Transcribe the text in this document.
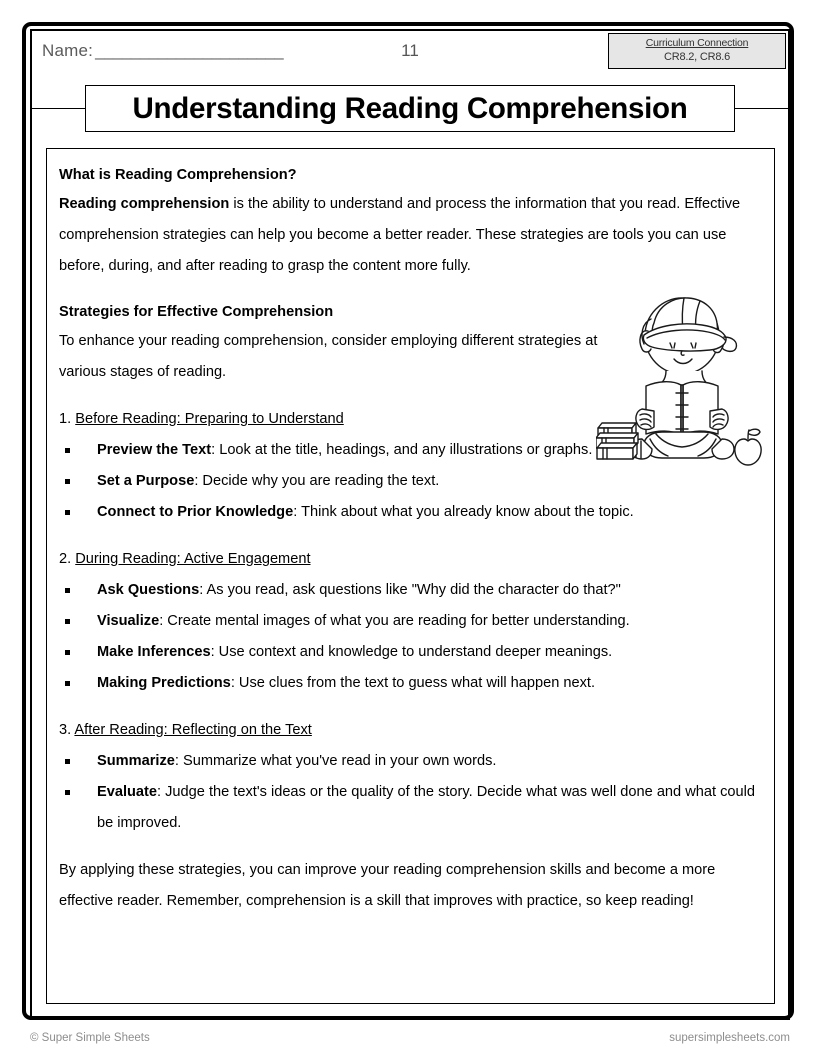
Name: _____________________	11	Curriculum Connection
CR8.2, CR8.6
Understanding Reading Comprehension
What is Reading Comprehension?

Reading comprehension is the ability to understand and process the information that you read. Effective comprehension strategies can help you become a better reader. These strategies are tools you can use before, during, and after reading to grasp the content more fully.

Strategies for Effective Comprehension

To enhance your reading comprehension, consider employing different strategies at various stages of reading.

1. Before Reading: Preparing to Understand
Preview the Text: Look at the title, headings, and any illustrations or graphs.
Set a Purpose: Decide why you are reading the text.
Connect to Prior Knowledge: Think about what you already know about the topic.
2. During Reading: Active Engagement
Ask Questions: As you read, ask questions like "Why did the character do that?"
Visualize: Create mental images of what you are reading for better understanding.
Make Inferences: Use context and knowledge to understand deeper meanings.
Making Predictions: Use clues from the text to guess what will happen next.
3. After Reading: Reflecting on the Text
Summarize: Summarize what you've read in your own words.
Evaluate: Judge the text's ideas or the quality of the story. Decide what was well done and what could be improved.

By applying these strategies, you can improve your reading comprehension skills and become a more effective reader. Remember, comprehension is a skill that improves with practice, so keep reading!

© Super Simple Sheets	supersimplesheets.com
